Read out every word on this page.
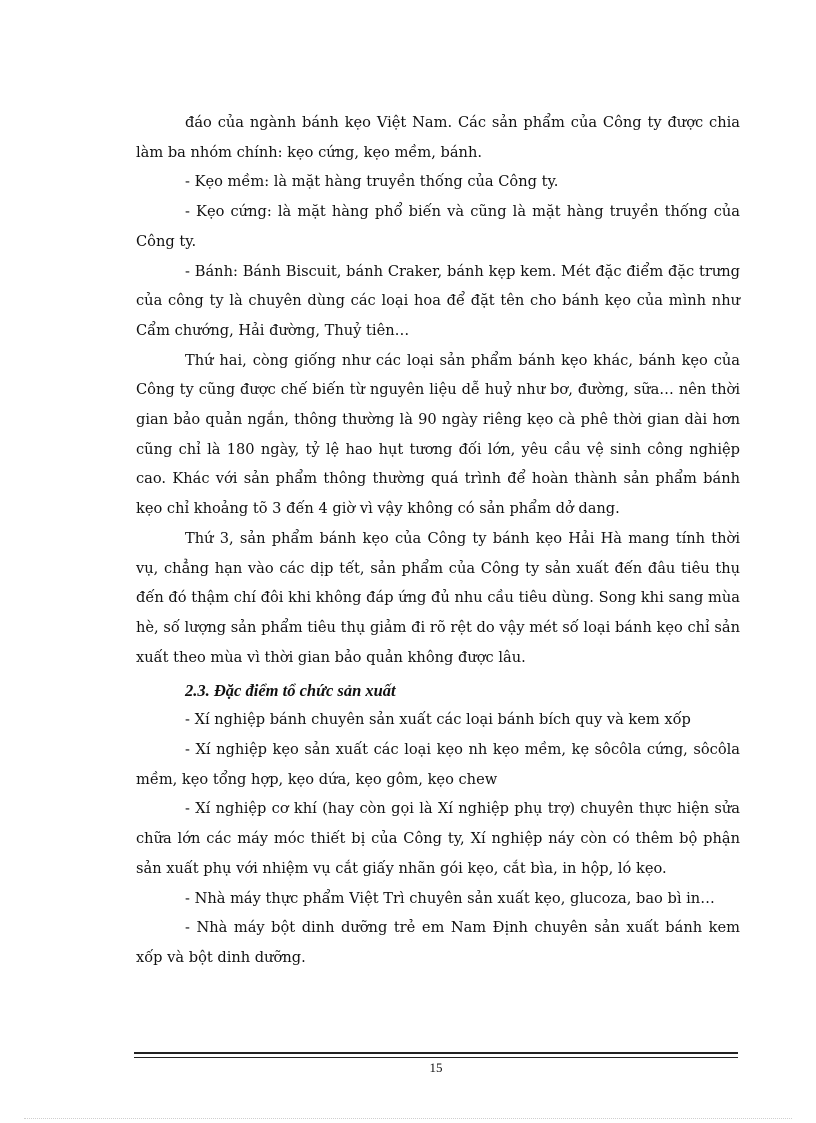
đáo của ngành bánh kẹo Việt Nam. Các sản phẩm của Công ty được chia làm ba nhóm chính: kẹo cứng, kẹo mềm, bánh.

- Kẹo mềm: là mặt hàng truyền thống của Công ty.

- Kẹo cứng: là mặt hàng phổ biến và cũng là mặt hàng truyền thống của Công ty.

- Bánh: Bánh Biscuit, bánh Craker, bánh kẹp kem. Mét đặc điểm đặc trưng của công ty là chuyên dùng các loại hoa để đặt tên cho bánh kẹo của mình như Cẩm chướng, Hải đường, Thuỷ tiên…

Thứ hai, còng giống như các loại sản phẩm bánh kẹo khác, bánh kẹo của Công ty cũng được chế biến từ nguyên liệu dễ huỷ như bơ, đường, sữa… nên thời gian bảo quản ngắn, thông thường là 90 ngày riêng kẹo cà phê thời gian dài hơn cũng chỉ là 180 ngày, tỷ lệ hao hụt tương đối lớn, yêu cầu vệ sinh công nghiệp cao. Khác với sản phẩm thông thường quá trình để hoàn thành sản phẩm bánh kẹo chỉ khoảng tõ 3 đến 4 giờ vì vậy không có sản phẩm dở dang.

Thứ 3, sản phẩm bánh kẹo của Công ty bánh kẹo Hải Hà mang tính thời vụ, chẳng hạn vào các dịp tết, sản phẩm của Công ty sản xuất đến đâu tiêu thụ đến đó thậm chí đôi khi không đáp ứng đủ nhu cầu tiêu dùng. Song khi sang mùa hè, số lượng sản phẩm tiêu thụ giảm đi rõ rệt do vậy mét số loại bánh kẹo chỉ sản xuất theo mùa vì thời gian bảo quản không được lâu.

2.3. Đặc điểm tổ chức sản xuất

- Xí nghiệp bánh chuyên sản xuất các loại bánh bích quy và kem xốp

- Xí nghiệp kẹo sản xuất các loại kẹo nh kẹo mềm, kẹ sôcôla cứng, sôcôla mềm, kẹo tổng hợp, kẹo dứa, kẹo gôm, kẹo chew

- Xí nghiệp cơ khí (hay còn gọi là Xí nghiệp phụ trợ) chuyên thực hiện sửa chữa lớn các máy móc thiết bị của Công ty, Xí nghiệp náy còn có thêm bộ phận sản xuất phụ với nhiệm vụ cắt giấy nhãn gói kẹo, cắt bìa, in hộp, ló kẹo.

- Nhà máy thực phẩm Việt Trì chuyên sản xuất kẹo, glucoza, bao bì in…

- Nhà máy bột dinh dưỡng trẻ em Nam Định chuyên sản xuất bánh kem xốp và bột dinh dưỡng.

15
